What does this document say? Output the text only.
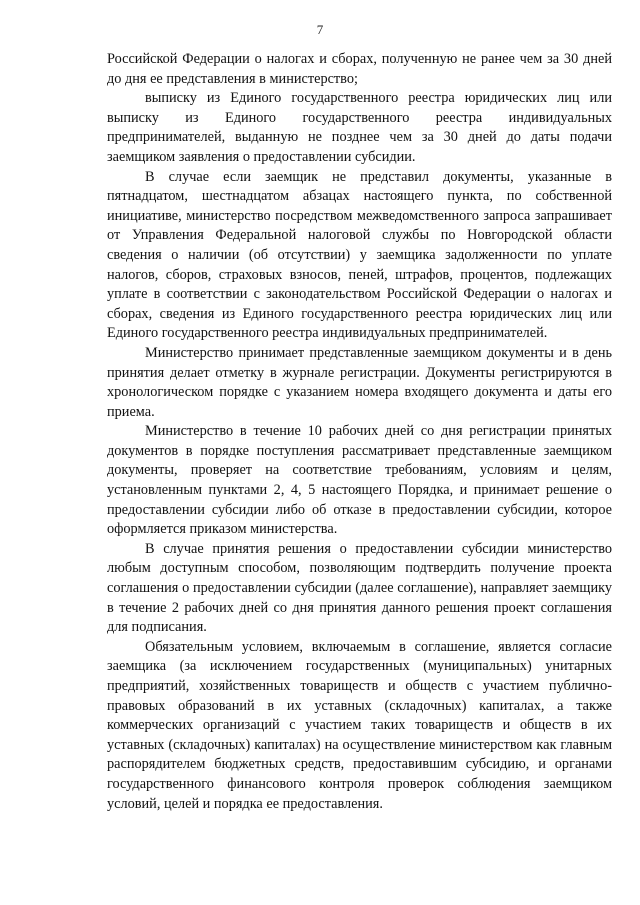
7

Российской Федерации о налогах и сборах, полученную не ранее чем за 30 дней до дня ее представления в министерство;

выписку из Единого государственного реестра юридических лиц или выписку из Единого государственного реестра индивидуальных предпринимателей, выданную не позднее чем за 30 дней до даты подачи заемщиком заявления о предоставлении субсидии.

В случае если заемщик не представил документы, указанные в пятнадцатом, шестнадцатом абзацах настоящего пункта, по собственной инициативе, министерство посредством межведомственного запроса запрашивает от Управления Федеральной налоговой службы по Новгородской области сведения о наличии (об отсутствии) у заемщика задолженности по уплате налогов, сборов, страховых взносов, пеней, штрафов, процентов, подлежащих уплате в соответствии с законодательством Российской Федерации о налогах и сборах, сведения из Единого государственного реестра юридических лиц или Единого государственного реестра индивидуальных предпринимателей.

Министерство принимает представленные заемщиком документы и в день принятия делает отметку в журнале регистрации. Документы регистрируются в хронологическом порядке с указанием номера входящего документа и даты его приема.

Министерство в течение 10 рабочих дней со дня регистрации принятых документов в порядке поступления рассматривает представленные заемщиком документы, проверяет на соответствие требованиям, условиям и целям, установленным пунктами 2, 4, 5 настоящего Порядка, и принимает решение о предоставлении субсидии либо об отказе в предоставлении субсидии, которое оформляется приказом министерства.

В случае принятия решения о предоставлении субсидии министерство любым доступным способом, позволяющим подтвердить получение проекта соглашения о предоставлении субсидии (далее соглашение), направляет заемщику в течение 2 рабочих дней со дня принятия данного решения проект соглашения для подписания.

Обязательным условием, включаемым в соглашение, является согласие заемщика (за исключением государственных (муниципальных) унитарных предприятий, хозяйственных товариществ и обществ с участием публично-правовых образований в их уставных (складочных) капиталах, а также коммерческих организаций с участием таких товариществ и обществ в их уставных (складочных) капиталах) на осуществление министерством как главным распорядителем бюджетных средств, предоставившим субсидию, и органами государственного финансового контроля проверок соблюдения заемщиком условий, целей и порядка ее предоставления.
